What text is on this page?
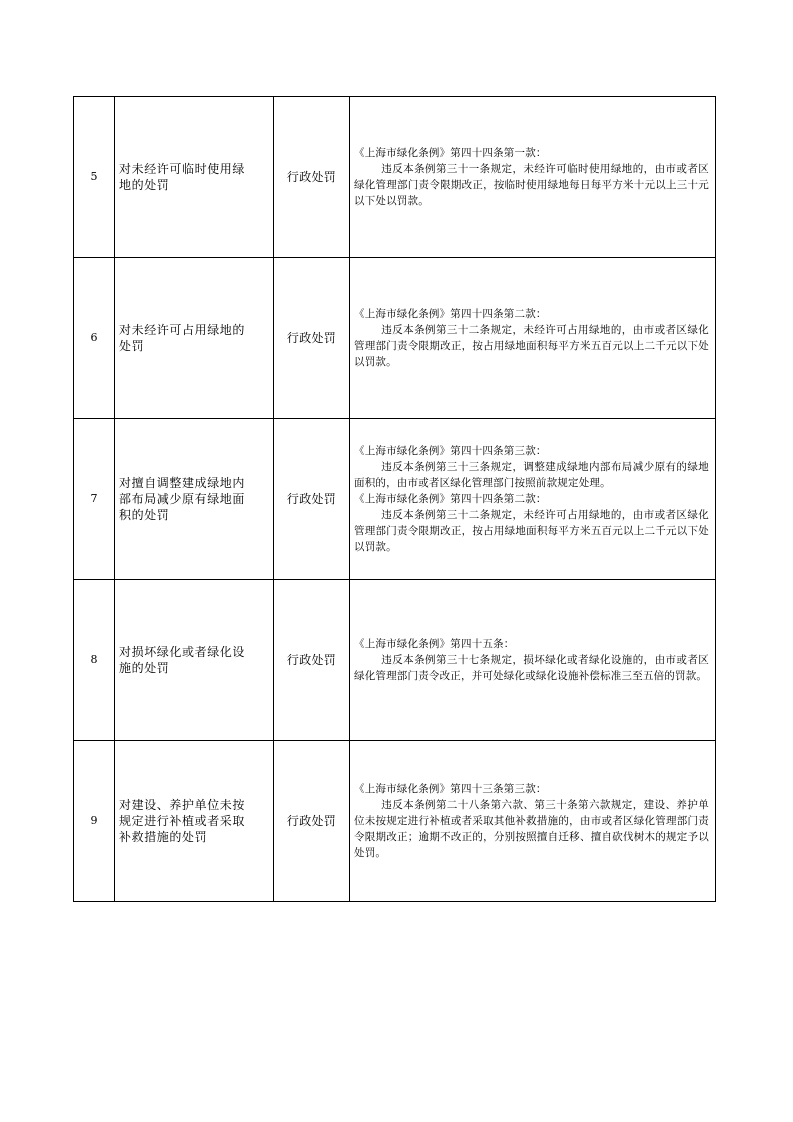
5	对未经许可临时使用绿地的处罚	行政处罚	《上海市绿化条例》第四十四条第一款：
违反本条例第三十一条规定，未经许可临时使用绿地的，由市或者区绿化管理部门责令限期改正，按临时使用绿地每日每平方米十元以上三十元以下处以罚款。

6	对未经许可占用绿地的处罚	行政处罚	《上海市绿化条例》第四十四条第二款：
违反本条例第三十二条规定，未经许可占用绿地的，由市或者区绿化管理部门责令限期改正，按占用绿地面积每平方米五百元以上二千元以下处以罚款。

7	对擅自调整建成绿地内部布局减少原有绿地面积的处罚	行政处罚	《上海市绿化条例》第四十四条第三款：
违反本条例第三十三条规定，调整建成绿地内部布局减少原有的绿地面积的，由市或者区绿化管理部门按照前款规定处理。
《上海市绿化条例》第四十四条第二款：
违反本条例第三十二条规定，未经许可占用绿地的，由市或者区绿化管理部门责令限期改正，按占用绿地面积每平方米五百元以上二千元以下处以罚款。

8	对损坏绿化或者绿化设施的处罚	行政处罚	《上海市绿化条例》第四十五条：
违反本条例第三十七条规定，损坏绿化或者绿化设施的，由市或者区绿化管理部门责令改正，并可处绿化或绿化设施补偿标准三至五倍的罚款。

9	对建设、养护单位未按规定进行补植或者采取补救措施的处罚	行政处罚	《上海市绿化条例》第四十三条第三款：
违反本条例第二十八条第六款、第三十条第六款规定，建设、养护单位未按规定进行补植或者采取其他补救措施的，由市或者区绿化管理部门责令限期改正；逾期不改正的，分别按照擅自迁移、擅自砍伐树木的规定予以处罚。
